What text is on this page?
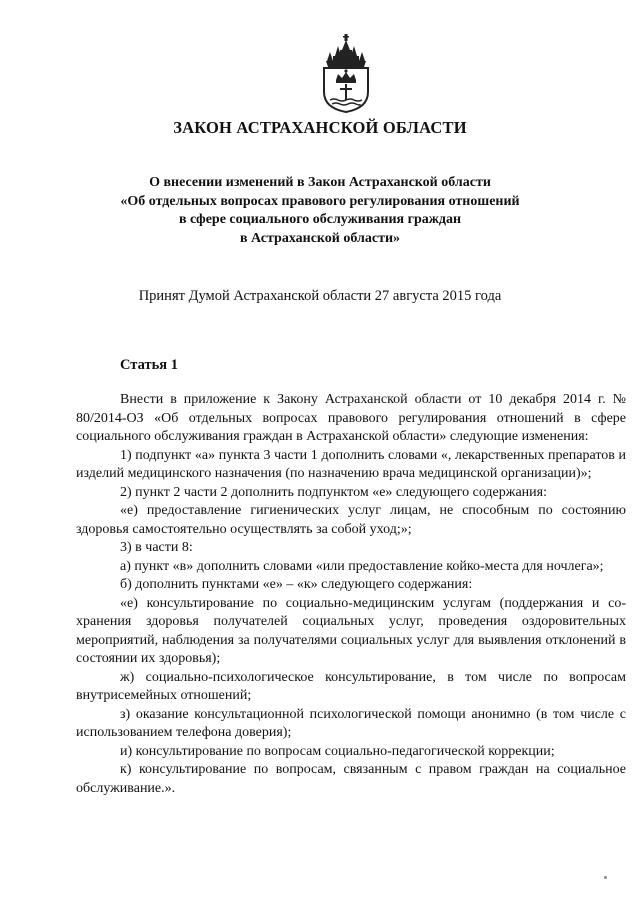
ЗАКОН АСТРАХАНСКОЙ ОБЛАСТИ
О внесении изменений в Закон Астраханской области
«Об отдельных вопросах правового регулирования отношений
в сфере социального обслуживания граждан
в Астраханской области»
Принят Думой Астраханской области 27 августа 2015 года
Статья 1

Внести в приложение к Закону Астраханской области от 10 декабря 2014 г. № 80/2014-ОЗ «Об отдельных вопросах правового регулирования отношений в сфере социального обслуживания граждан в Астраханской области» следующие изменения:

1) подпункт «а» пункта 3 части 1 дополнить словами «, лекарственных препаратов и изделий медицинского назначения (по назначению врача медицинской организации)»;

2) пункт 2 части 2 дополнить подпунктом «е» следующего содержания:

«е) предоставление гигиенических услуг лицам, не способным по состоянию здоровья самостоятельно осуществлять за собой уход;»;

3) в части 8:

а) пункт «в» дополнить словами «или предоставление койко-места для ночлега»;

б) дополнить пунктами «е» – «к» следующего содержания:

«е) консультирование по социально-медицинским услугам (поддержания и сохранения здоровья получателей социальных услуг, проведения оздоровительных мероприятий, наблюдения за получателями социальных услуг для выявления отклонений в состоянии их здоровья);

ж) социально-психологическое консультирование, в том числе по вопросам внутрисемейных отношений;

з) оказание консультационной психологической помощи анонимно (в том числе с использованием телефона доверия);

и) консультирование по вопросам социально-педагогической коррекции;

к) консультирование по вопросам, связанным с правом граждан на социальное обслуживание.».
